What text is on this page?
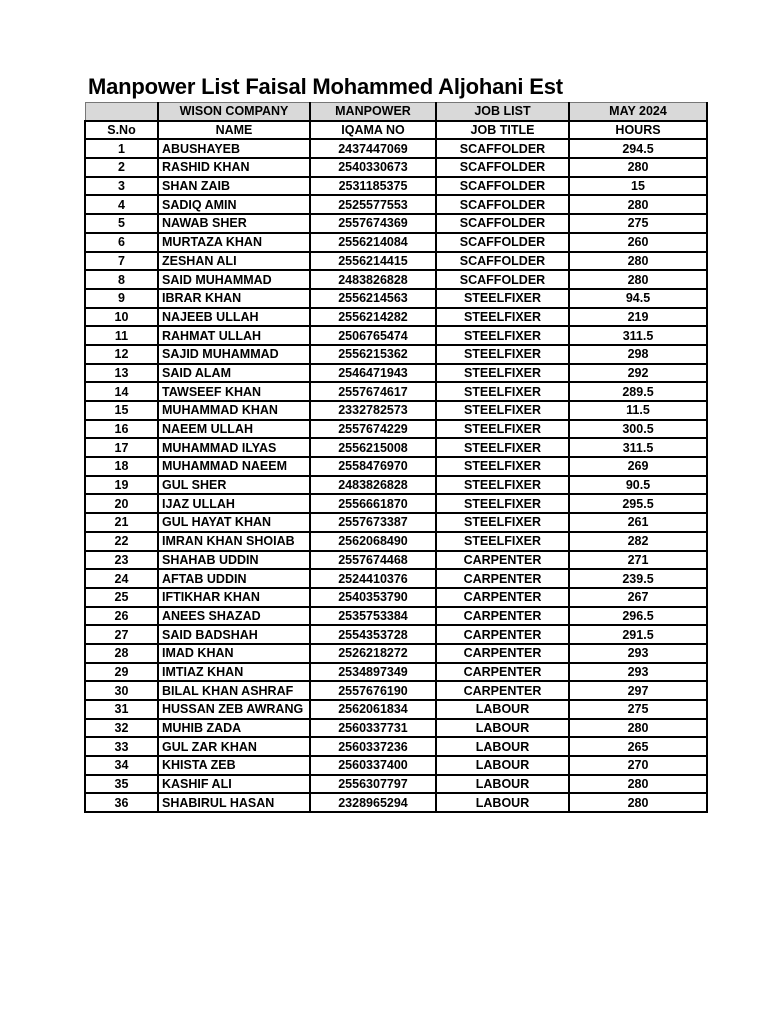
Manpower List Faisal Mohammed Aljohani Est
	WISON COMPANY	MANPOWER	JOB LIST	MAY 2024
S.No	NAME	IQAMA NO	JOB TITLE	HOURS
1	ABUSHAYEB	2437447069	SCAFFOLDER	294.5
2	RASHID KHAN	2540330673	SCAFFOLDER	280
3	SHAN ZAIB	2531185375	SCAFFOLDER	15
4	SADIQ AMIN	2525577553	SCAFFOLDER	280
5	NAWAB SHER	2557674369	SCAFFOLDER	275
6	MURTAZA KHAN	2556214084	SCAFFOLDER	260
7	ZESHAN ALI	2556214415	SCAFFOLDER	280
8	SAID MUHAMMAD	2483826828	SCAFFOLDER	280
9	IBRAR KHAN	2556214563	STEELFIXER	94.5
10	NAJEEB ULLAH	2556214282	STEELFIXER	219
11	RAHMAT ULLAH	2506765474	STEELFIXER	311.5
12	SAJID MUHAMMAD	2556215362	STEELFIXER	298
13	SAID ALAM	2546471943	STEELFIXER	292
14	TAWSEEF KHAN	2557674617	STEELFIXER	289.5
15	MUHAMMAD KHAN	2332782573	STEELFIXER	11.5
16	NAEEM ULLAH	2557674229	STEELFIXER	300.5
17	MUHAMMAD ILYAS	2556215008	STEELFIXER	311.5
18	MUHAMMAD NAEEM	2558476970	STEELFIXER	269
19	GUL SHER	2483826828	STEELFIXER	90.5
20	IJAZ ULLAH	2556661870	STEELFIXER	295.5
21	GUL HAYAT KHAN	2557673387	STEELFIXER	261
22	IMRAN KHAN SHOIAB	2562068490	STEELFIXER	282
23	SHAHAB UDDIN	2557674468	CARPENTER	271
24	AFTAB UDDIN	2524410376	CARPENTER	239.5
25	IFTIKHAR KHAN	2540353790	CARPENTER	267
26	ANEES SHAZAD	2535753384	CARPENTER	296.5
27	SAID BADSHAH	2554353728	CARPENTER	291.5
28	IMAD KHAN	2526218272	CARPENTER	293
29	IMTIAZ KHAN	2534897349	CARPENTER	293
30	BILAL KHAN ASHRAF	2557676190	CARPENTER	297
31	HUSSAN ZEB AWRANG	2562061834	LABOUR	275
32	MUHIB ZADA	2560337731	LABOUR	280
33	GUL ZAR KHAN	2560337236	LABOUR	265
34	KHISTA ZEB	2560337400	LABOUR	270
35	KASHIF ALI	2556307797	LABOUR	280
36	SHABIRUL HASAN	2328965294	LABOUR	280
